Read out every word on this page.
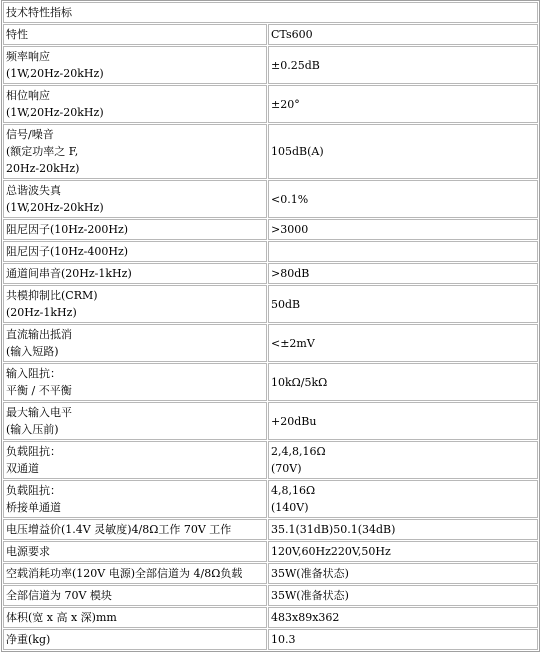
技术特性指标	
特性	CTs600

频率响应
(1W,20Hz-20kHz)	±0.25dB

相位响应
(1W,20Hz-20kHz)	±20°

信号/噪音
(额定功率之 F,
20Hz-20kHz)	105dB(A)

总谐波失真
(1W,20Hz-20kHz)	<0.1%

阻尼因子(10Hz-200Hz)	>3000

阻尼因子(10Hz-400Hz)	

通道间串音(20Hz-1kHz)	>80dB

共模抑制比(CRM)
(20Hz-1kHz)	50dB

直流输出抵消
(输入短路)	<±2mV

输入阻抗：
平衡 / 不平衡	10kΩ/5kΩ

最大输入电平
(输入压前)	+20dBu

负载阻抗：
双通道	2,4,8,16Ω
(70V)

负载阻抗：
桥接单通道	4,8,16Ω
(140V)

电压增益价(1.4V 灵敏度)4/8Ω工作 70V 工作	35.1(31dB)50.1(34dB)

电源要求	120V,60Hz220V,50Hz

空载消耗功率(120V 电源)全部信道为 4/8Ω负载	35W(准备状态)

全部信道为 70V 模块	35W(准备状态)

体积(宽 x 高 x 深)mm	483x89x362

净重(kg)	10.3
